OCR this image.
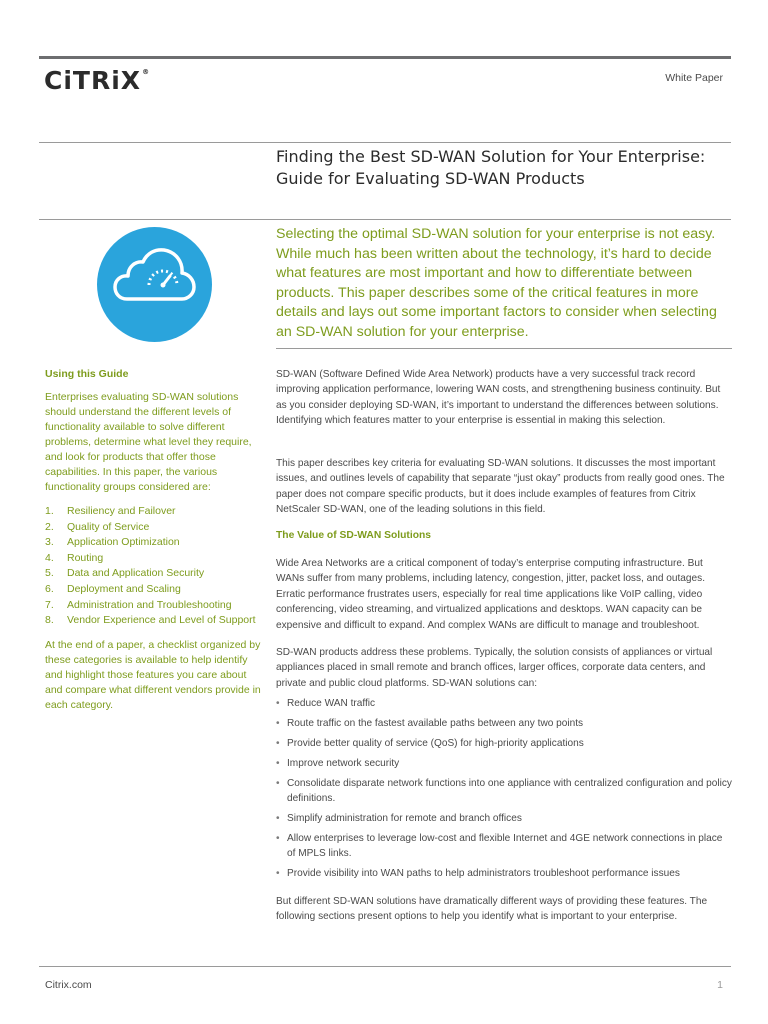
CiTRiX®	White Paper
Finding the Best SD-WAN Solution for Your Enterprise:
Guide for Evaluating SD-WAN Products
Selecting the optimal SD-WAN solution for your enterprise is not easy. While much has been written about the technology, it’s hard to decide what features are most important and how to differentiate between products. This paper describes some of the critical features in more details and lays out some important factors to consider when selecting an SD-WAN solution for your enterprise.
Using this Guide
Enterprises evaluating SD-WAN solutions should understand the different levels of functionality available to solve different problems, determine what level they require, and look for products that offer those capabilities. In this paper, the various functionality groups considered are:
1.	Resiliency and Failover
2.	Quality of Service
3.	Application Optimization
4.	Routing
5.	Data and Application Security
6.	Deployment and Scaling
7.	Administration and Troubleshooting
8.	Vendor Experience and Level of Support
At the end of a paper, a checklist organized by these categories is available to help identify and highlight those features you care about and compare what different vendors provide in each category.
SD-WAN (Software Defined Wide Area Network) products have a very successful track record improving application performance, lowering WAN costs, and strengthening business continuity. But as you consider deploying SD-WAN, it’s important to understand the differences between solutions. Identifying which features matter to your enterprise is essential in making this selection.
This paper describes key criteria for evaluating SD-WAN solutions. It discusses the most important issues, and outlines levels of capability that separate “just okay” products from really good ones. The paper does not compare specific products, but it does include examples of features from Citrix NetScaler SD-WAN, one of the leading solutions in this field.
The Value of SD-WAN Solutions
Wide Area Networks are a critical component of today’s enterprise computing infrastructure. But WANs suffer from many problems, including latency, congestion, jitter, packet loss, and outages. Erratic performance frustrates users, especially for real time applications like VoIP calling, video conferencing, video streaming, and virtualized applications and desktops. WAN capacity can be expensive and difficult to expand. And complex WANs are difficult to manage and troubleshoot.
SD-WAN products address these problems. Typically, the solution consists of appliances or virtual appliances placed in small remote and branch offices, larger offices, corporate data centers, and private and public cloud platforms. SD-WAN solutions can:
• Reduce WAN traffic
• Route traffic on the fastest available paths between any two points
• Provide better quality of service (QoS) for high-priority applications
• Improve network security
• Consolidate disparate network functions into one appliance with centralized configuration and policy definitions.
• Simplify administration for remote and branch offices
• Allow enterprises to leverage low-cost and flexible Internet and 4GE network connections in place of MPLS links.
• Provide visibility into WAN paths to help administrators troubleshoot performance issues
But different SD-WAN solutions have dramatically different ways of providing these features. The following sections present options to help you identify what is important to your enterprise.
Citrix.com	1
